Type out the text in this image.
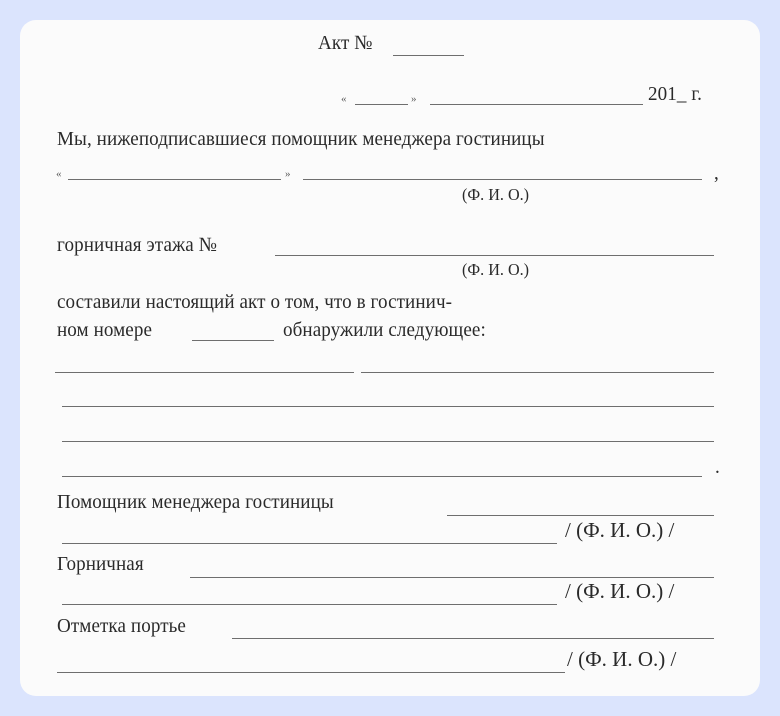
Акт №
«	»	201_ г.
Мы, нижеподписавшиеся помощник менеджера гостиницы
«	»	,
(Ф. И. О.)
горничная этажа №
(Ф. И. О.)
составили настоящий акт о том, что в гостинич-
ном номере	обнаружили следующее:
.
Помощник менеджера гостиницы
/ (Ф. И. О.) /
Горничная
/ (Ф. И. О.) /
Отметка портье
/ (Ф. И. О.) /
